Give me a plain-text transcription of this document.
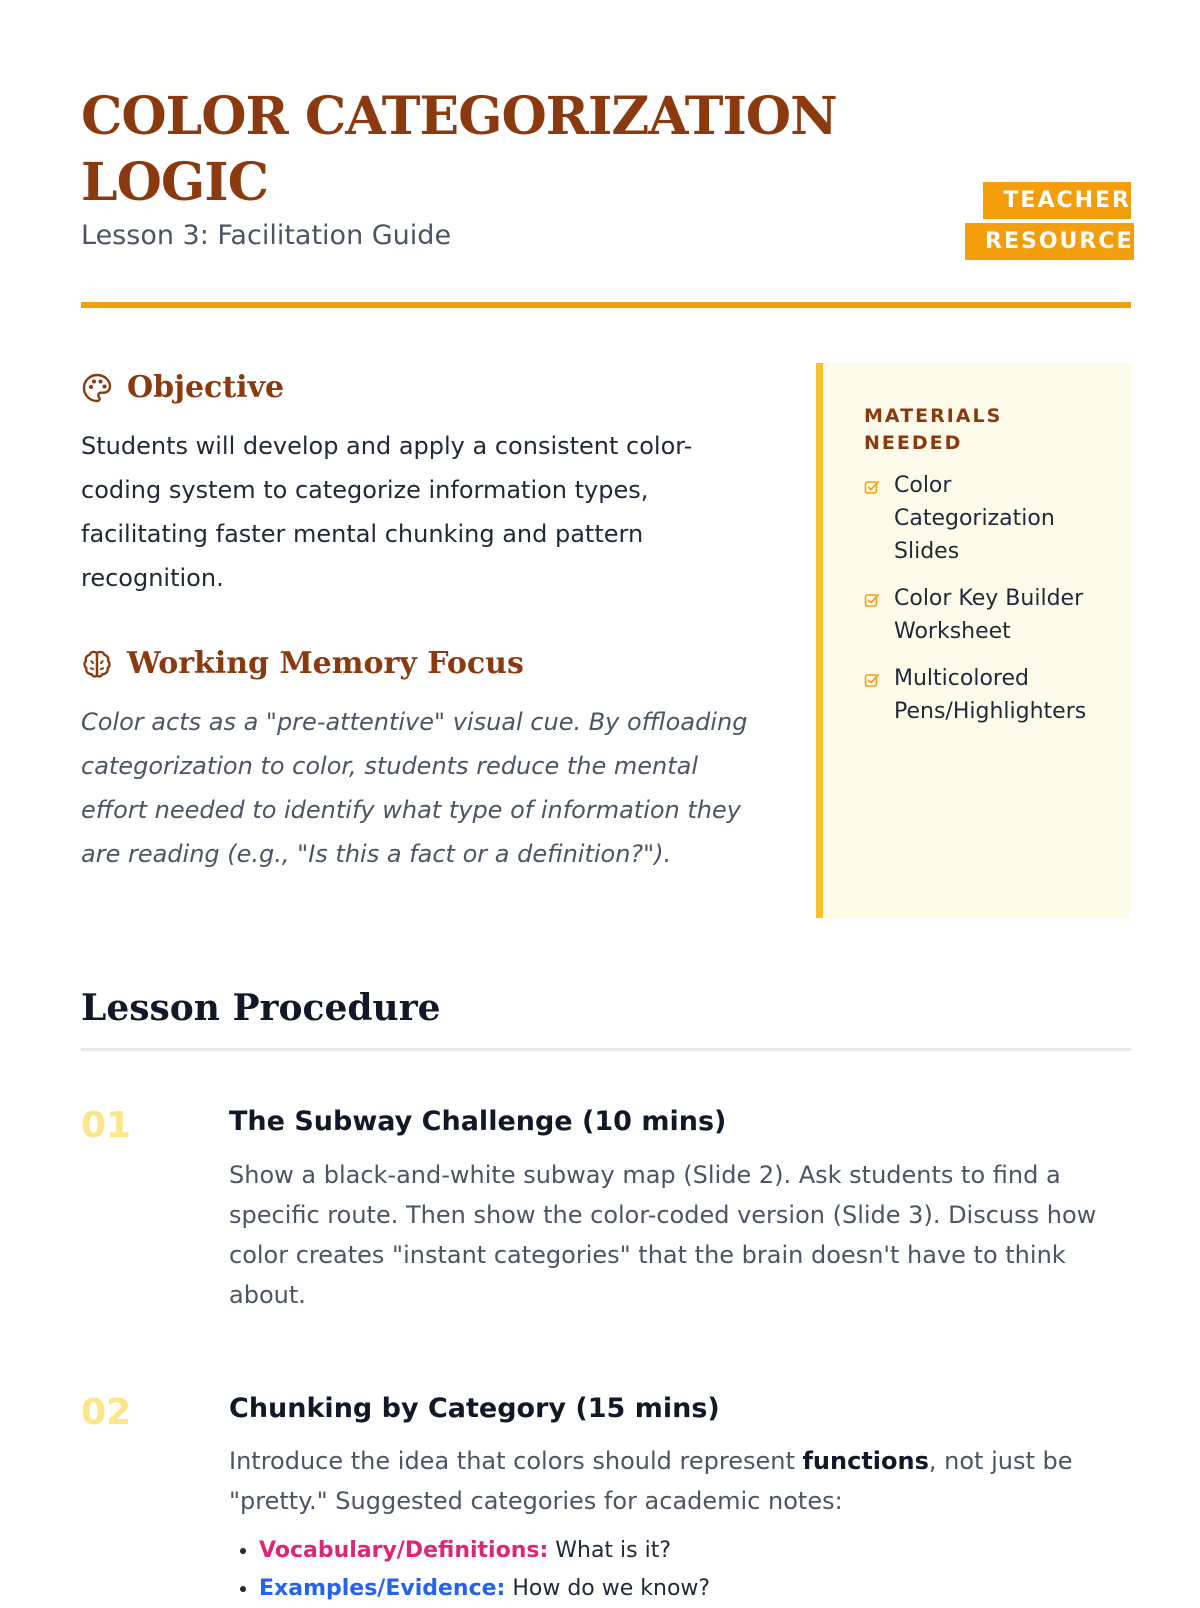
COLOR CATEGORIZATION LOGIC

Lesson 3: Facilitation Guide

TEACHER RESOURCE
Objective

Students will develop and apply a consistent color-coding system to categorize information types, facilitating faster mental chunking and pattern recognition.

Working Memory Focus

Color acts as a "pre-attentive" visual cue. By offloading categorization to color, students reduce the mental effort needed to identify what type of information they are reading (e.g., "Is this a fact or a definition?").

MATERIALS NEEDED

Color Categorization Slides
Color Key Builder Worksheet
Multicolored Pens/Highlighters
Lesson Procedure

01	The Subway Challenge (10 mins)

Show a black-and-white subway map (Slide 2). Ask students to find a specific route. Then show the color-coded version (Slide 3). Discuss how color creates "instant categories" that the brain doesn't have to think about.

02	Chunking by Category (15 mins)

Introduce the idea that colors should represent functions, not just be "pretty." Suggested categories for academic notes:

• Vocabulary/Definitions: What is it?
• Examples/Evidence: How do we know?
